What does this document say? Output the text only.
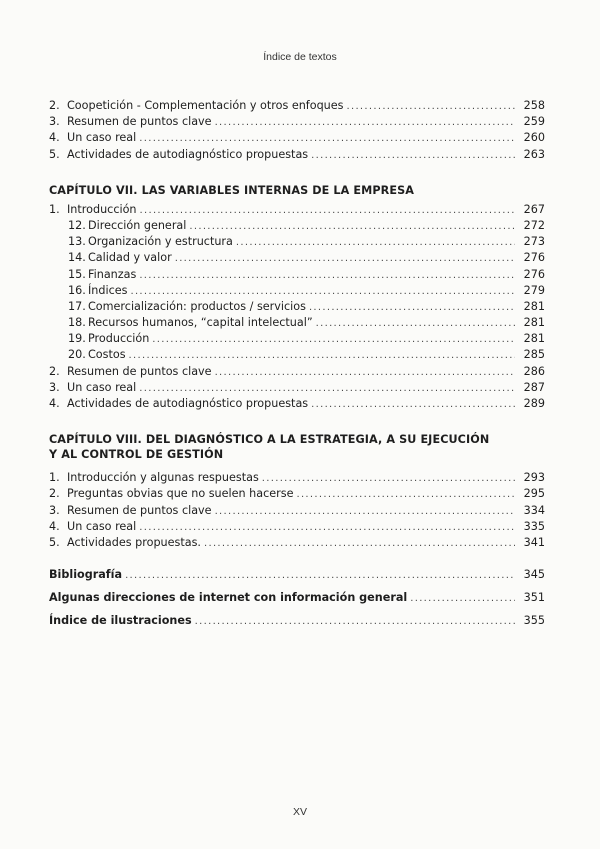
Índice de textos
2. Coopetición - Complementación y otros enfoques .....	258
3. Resumen de puntos clave .....	259
4. Un caso real .....	260
5. Actividades de autodiagnóstico propuestas .....	263
CAPÍTULO VII. LAS VARIABLES INTERNAS DE LA EMPRESA
1. Introducción .....	267
12. Dirección general .....	272
13. Organización y estructura .....	273
14. Calidad y valor .....	276
15. Finanzas .....	276
16. Índices .....	279
17. Comercialización: productos / servicios .....	281
18. Recursos humanos, “capital intelectual” .....	281
19. Producción .....	281
20. Costos .....	285
2. Resumen de puntos clave .....	286
3. Un caso real .....	287
4. Actividades de autodiagnóstico propuestas .....	289
CAPÍTULO VIII. DEL DIAGNÓSTICO A LA ESTRATEGIA, A SU EJECUCIÓN
Y AL CONTROL DE GESTIÓN
1. Introducción y algunas respuestas .....	293
2. Preguntas obvias que no suelen hacerse .....	295
3. Resumen de puntos clave .....	334
4. Un caso real .....	335
5. Actividades propuestas. .....	341
Bibliografía .....	345
Algunas direcciones de internet con información general .....	351
Índice de ilustraciones .....	355
XV
